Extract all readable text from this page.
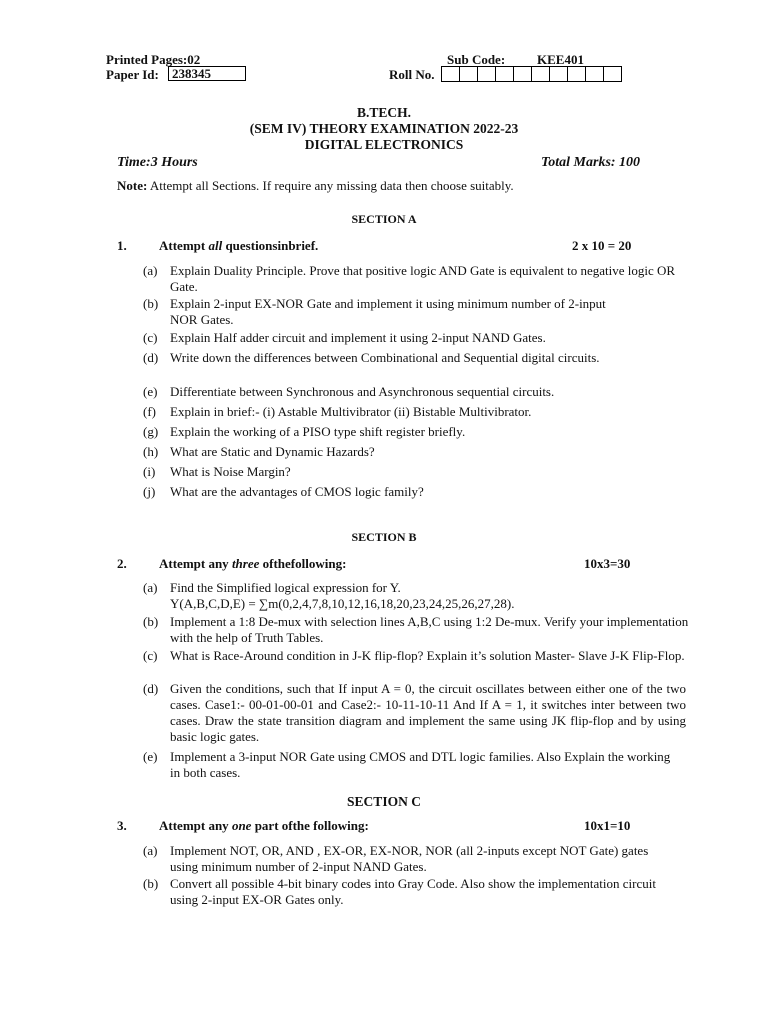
Printed Pages:02
Paper Id:	238345
Sub Code: KEE401
Roll No.
B.TECH.
(SEM IV) THEORY EXAMINATION 2022-23
DIGITAL ELECTRONICS
Time:3 Hours	Total Marks: 100
Note: Attempt all Sections. If require any missing data then choose suitably.
SECTION A
1. Attempt all questionsinbrief.	2 x 10 = 20
(a) Explain Duality Principle. Prove that positive logic AND Gate is equivalent to negative logic OR Gate.
(b) Explain 2-input EX-NOR Gate and implement it using minimum number of 2-input NOR Gates.
(c) Explain Half adder circuit and implement it using 2-input NAND Gates.
(d) Write down the differences between Combinational and Sequential digital circuits.
(e) Differentiate between Synchronous and Asynchronous sequential circuits.
(f)	Explain in brief:- (i) Astable Multivibrator (ii) Bistable Multivibrator.
(g) Explain the working of a PISO type shift register briefly.
(h) What are Static and Dynamic Hazards?
(i)	What is Noise Margin?
(j)	What are the advantages of CMOS logic family?
SECTION B
2. Attempt any three ofthefollowing:	10x3=30
(a) Find the Simplified logical expression for Y.
Y(A,B,C,D,E) = ∑m(0,2,4,7,8,10,12,16,18,20,23,24,25,26,27,28).
(b) Implement a 1:8 De-mux with selection lines A,B,C using 1:2 De-mux. Verify your implementation with the help of Truth Tables.
(c) What is Race-Around condition in J-K flip-flop? Explain it’s solution Master- Slave J-K Flip-Flop.
(d) Given the conditions, such that If input A = 0, the circuit oscillates between either one of the two cases. Case1:- 00-01-00-01 and Case2:- 10-11-10-11 And If A = 1, it switches inter between two cases. Draw the state transition diagram and implement the same using JK flip-flop and by using basic logic gates.
(e) Implement a 3-input NOR Gate using CMOS and DTL logic families. Also Explain the working in both cases.
SECTION C
3. Attempt any one part ofthe following:	10x1=10
(a) Implement NOT, OR, AND , EX-OR, EX-NOR, NOR (all 2-inputs except NOT Gate) gates using minimum number of 2-input NAND Gates.
(b) Convert all possible 4-bit binary codes into Gray Code. Also show the implementation circuit using 2-input EX-OR Gates only.
